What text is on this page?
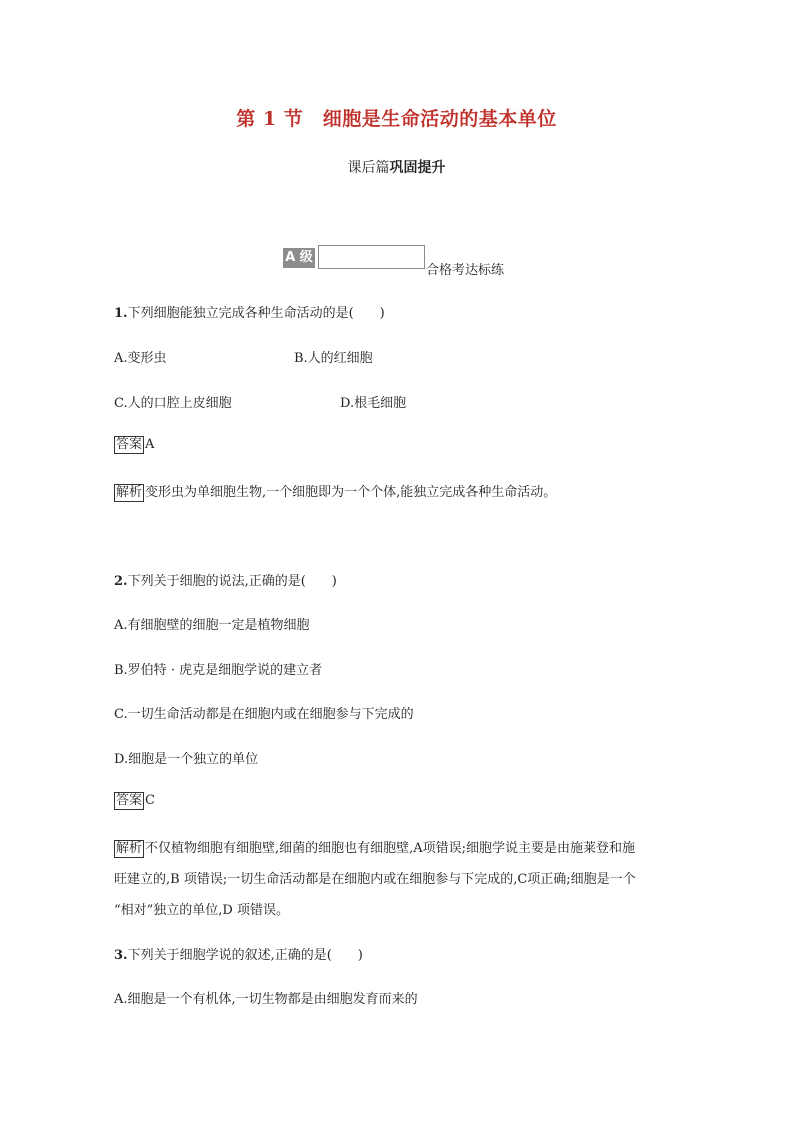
第 1 节　细胞是生命活动的基本单位
课后篇巩固提升
A 级
合格考达标练
1.下列细胞能独立完成各种生命活动的是(　　)
A.变形虫	B.人的红细胞
C.人的口腔上皮细胞	D.根毛细胞
答案 A
解析 变形虫为单细胞生物,一个细胞即为一个个体,能独立完成各种生命活动。
2.下列关于细胞的说法,正确的是(　　)
A.有细胞壁的细胞一定是植物细胞
B.罗伯特 · 虎克是细胞学说的建立者
C.一切生命活动都是在细胞内或在细胞参与下完成的
D.细胞是一个独立的单位
答案 C
解析 不仅植物细胞有细胞壁,细菌的细胞也有细胞壁,A项错误;细胞学说主要是由施莱登和施
旺建立的,B 项错误;一切生命活动都是在细胞内或在细胞参与下完成的,C项正确;细胞是一个
“相对”独立的单位,D 项错误。
3.下列关于细胞学说的叙述,正确的是(　　)
A.细胞是一个有机体,一切生物都是由细胞发育而来的
